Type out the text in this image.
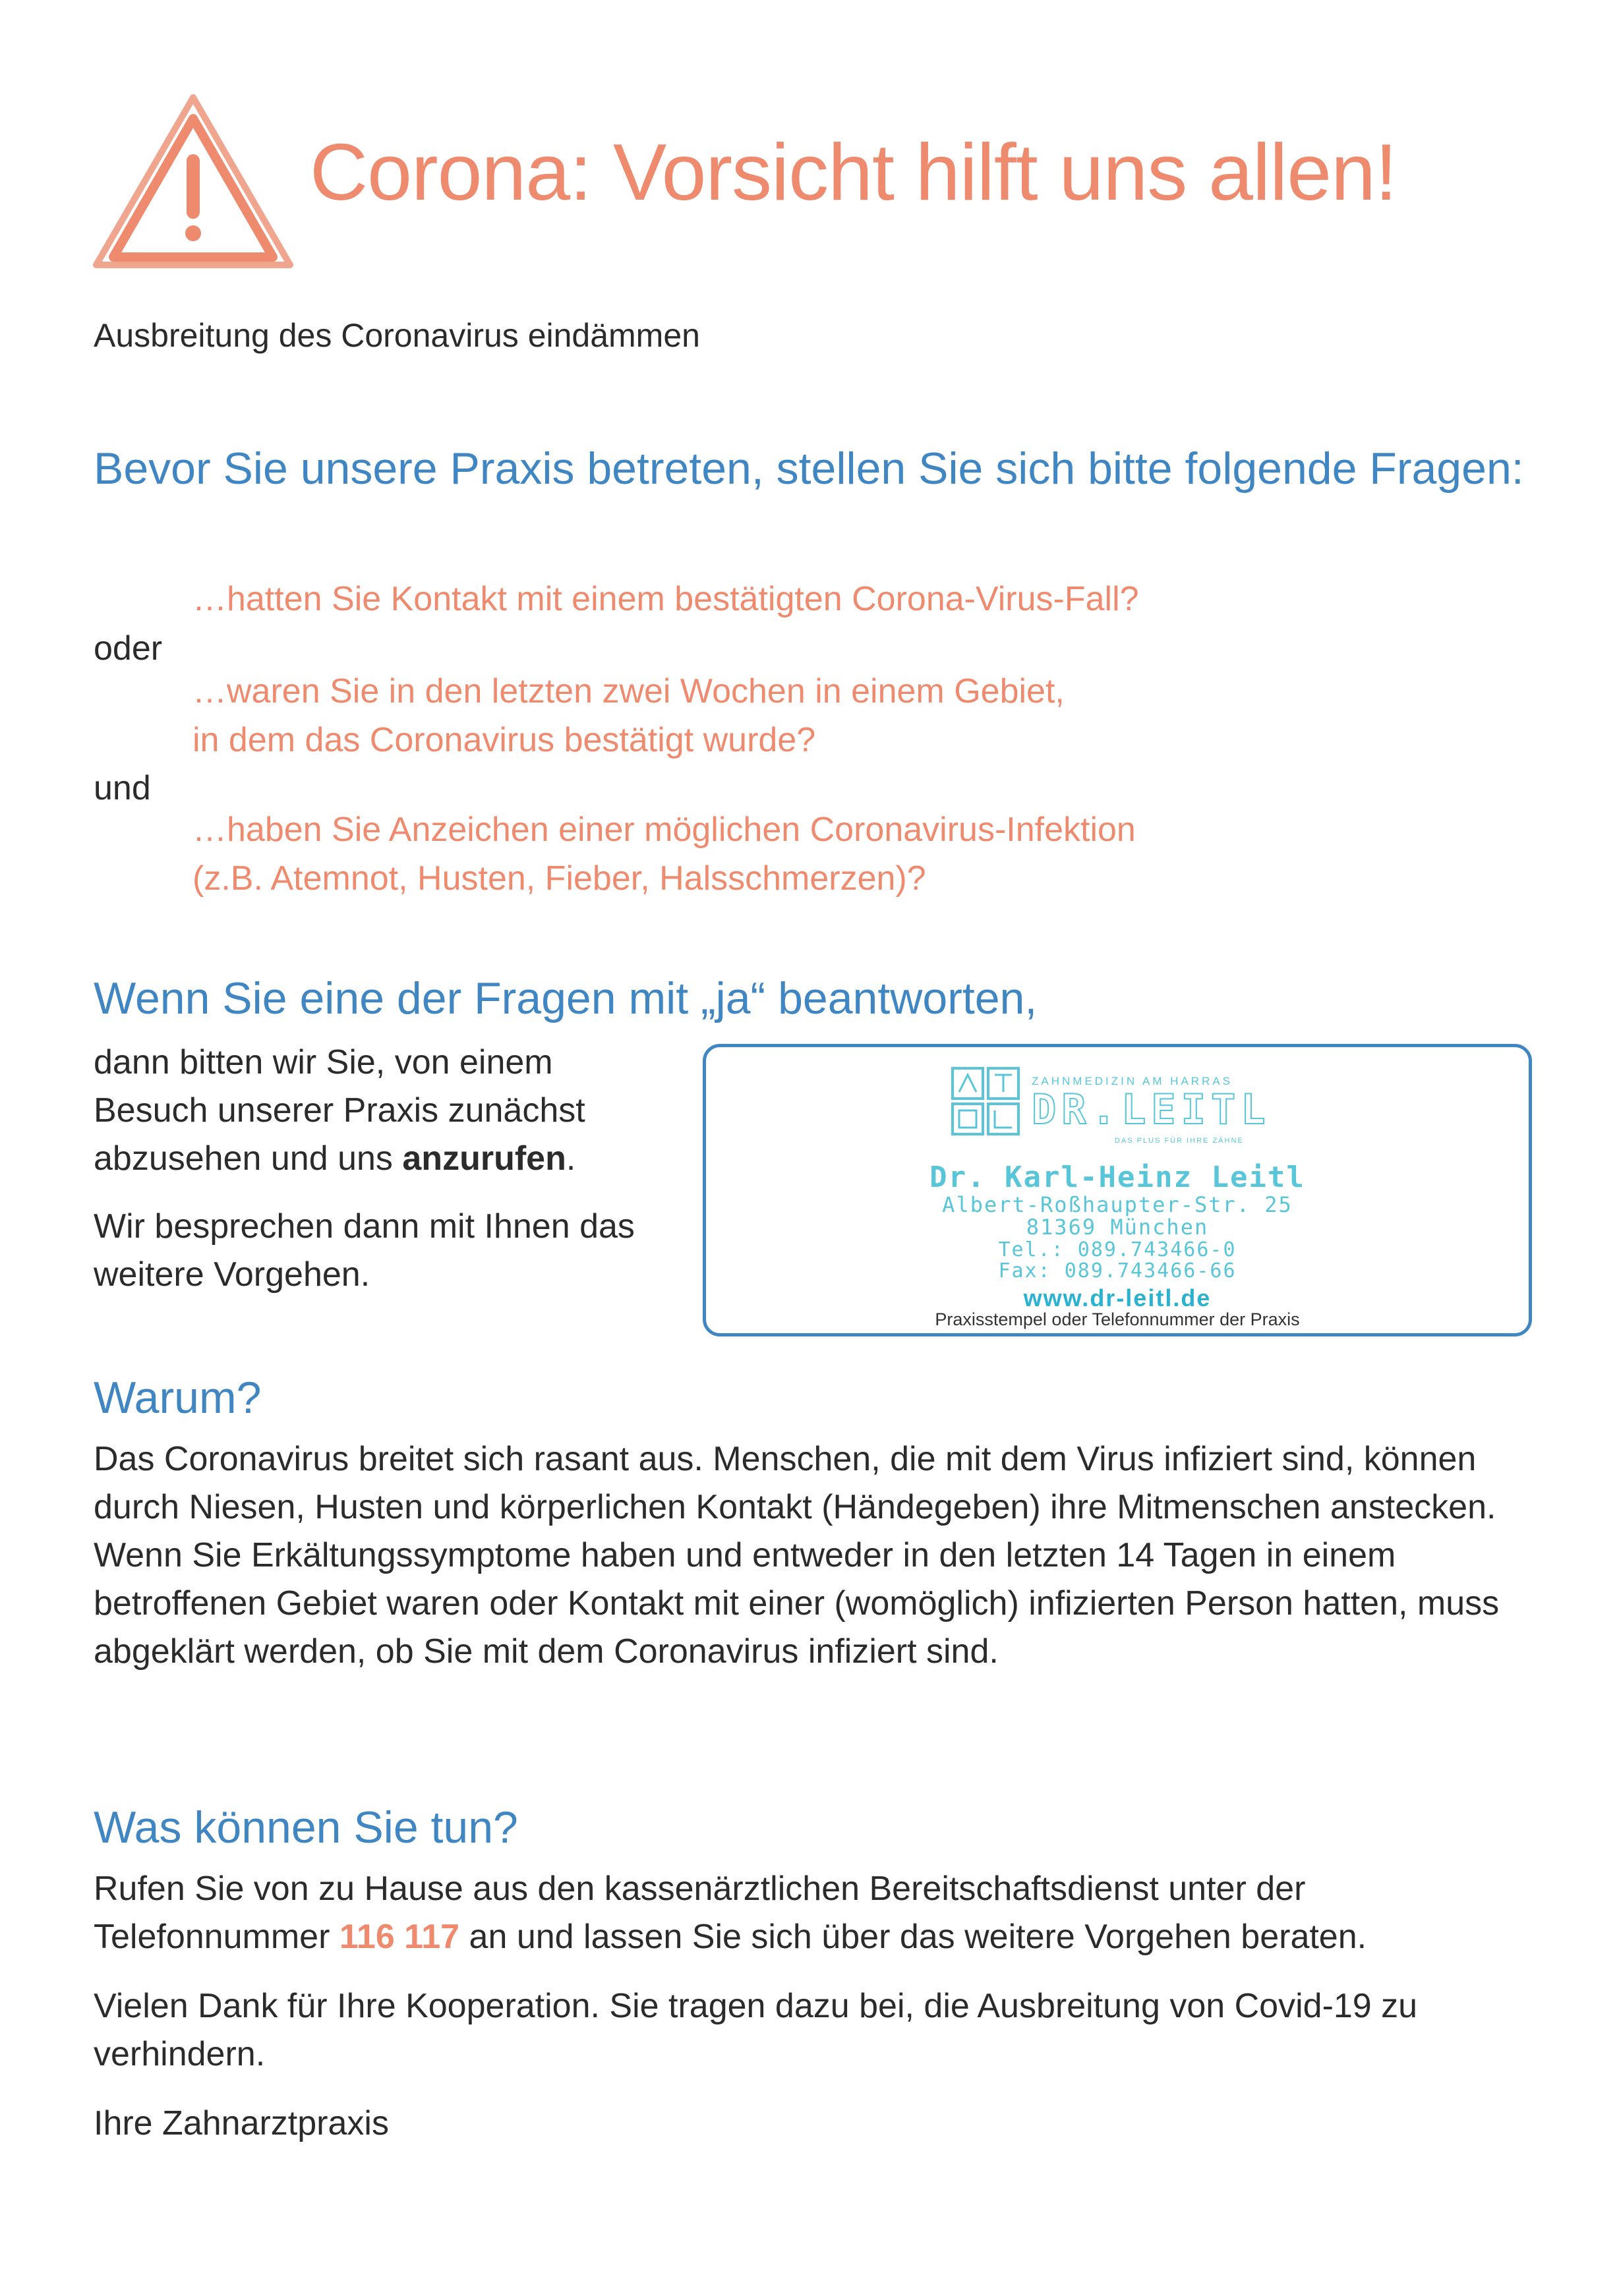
Corona: Vorsicht hilft uns allen!
Ausbreitung des Coronavirus eindämmen
Bevor Sie unsere Praxis betreten, stellen Sie sich bitte folgende Fragen:
…hatten Sie Kontakt mit einem bestätigten Corona-Virus-Fall?
oder
…waren Sie in den letzten zwei Wochen in einem Gebiet,
in dem das Coronavirus bestätigt wurde?
und
…haben Sie Anzeichen einer möglichen Coronavirus-Infektion
(z.B. Atemnot, Husten, Fieber, Halsschmerzen)?
Wenn Sie eine der Fragen mit „ja“ beantworten,

dann bitten wir Sie, von einem Besuch unserer Praxis zunächst abzusehen und uns anzurufen.

Wir besprechen dann mit Ihnen das weitere Vorgehen.

ZAHNMEDIZIN AM HARRAS
DR.LEITL
DAS PLUS FÜR IHRE ZÄHNE
Dr. Karl-Heinz Leitl
Albert-Roßhaupter-Str. 25
81369 München
Tel.: 089.743466-0
Fax: 089.743466-66
www.dr-leitl.de
Praxisstempel oder Telefonnummer der Praxis
Warum?
Das Coronavirus breitet sich rasant aus. Menschen, die mit dem Virus infiziert sind, können durch Niesen, Husten und körperlichen Kontakt (Händegeben) ihre Mitmenschen anstecken. Wenn Sie Erkältungssymptome haben und entweder in den letzten 14 Tagen in einem betroffenen Gebiet waren oder Kontakt mit einer (womöglich) infizierten Person hatten, muss abgeklärt werden, ob Sie mit dem Coronavirus infiziert sind.
Was können Sie tun?

Rufen Sie von zu Hause aus den kassenärztlichen Bereitschaftsdienst unter der Telefonnummer 116 117 an und lassen Sie sich über das weitere Vorgehen beraten.

Vielen Dank für Ihre Kooperation. Sie tragen dazu bei, die Ausbreitung von Covid-19 zu verhindern.

Ihre Zahnarztpraxis
